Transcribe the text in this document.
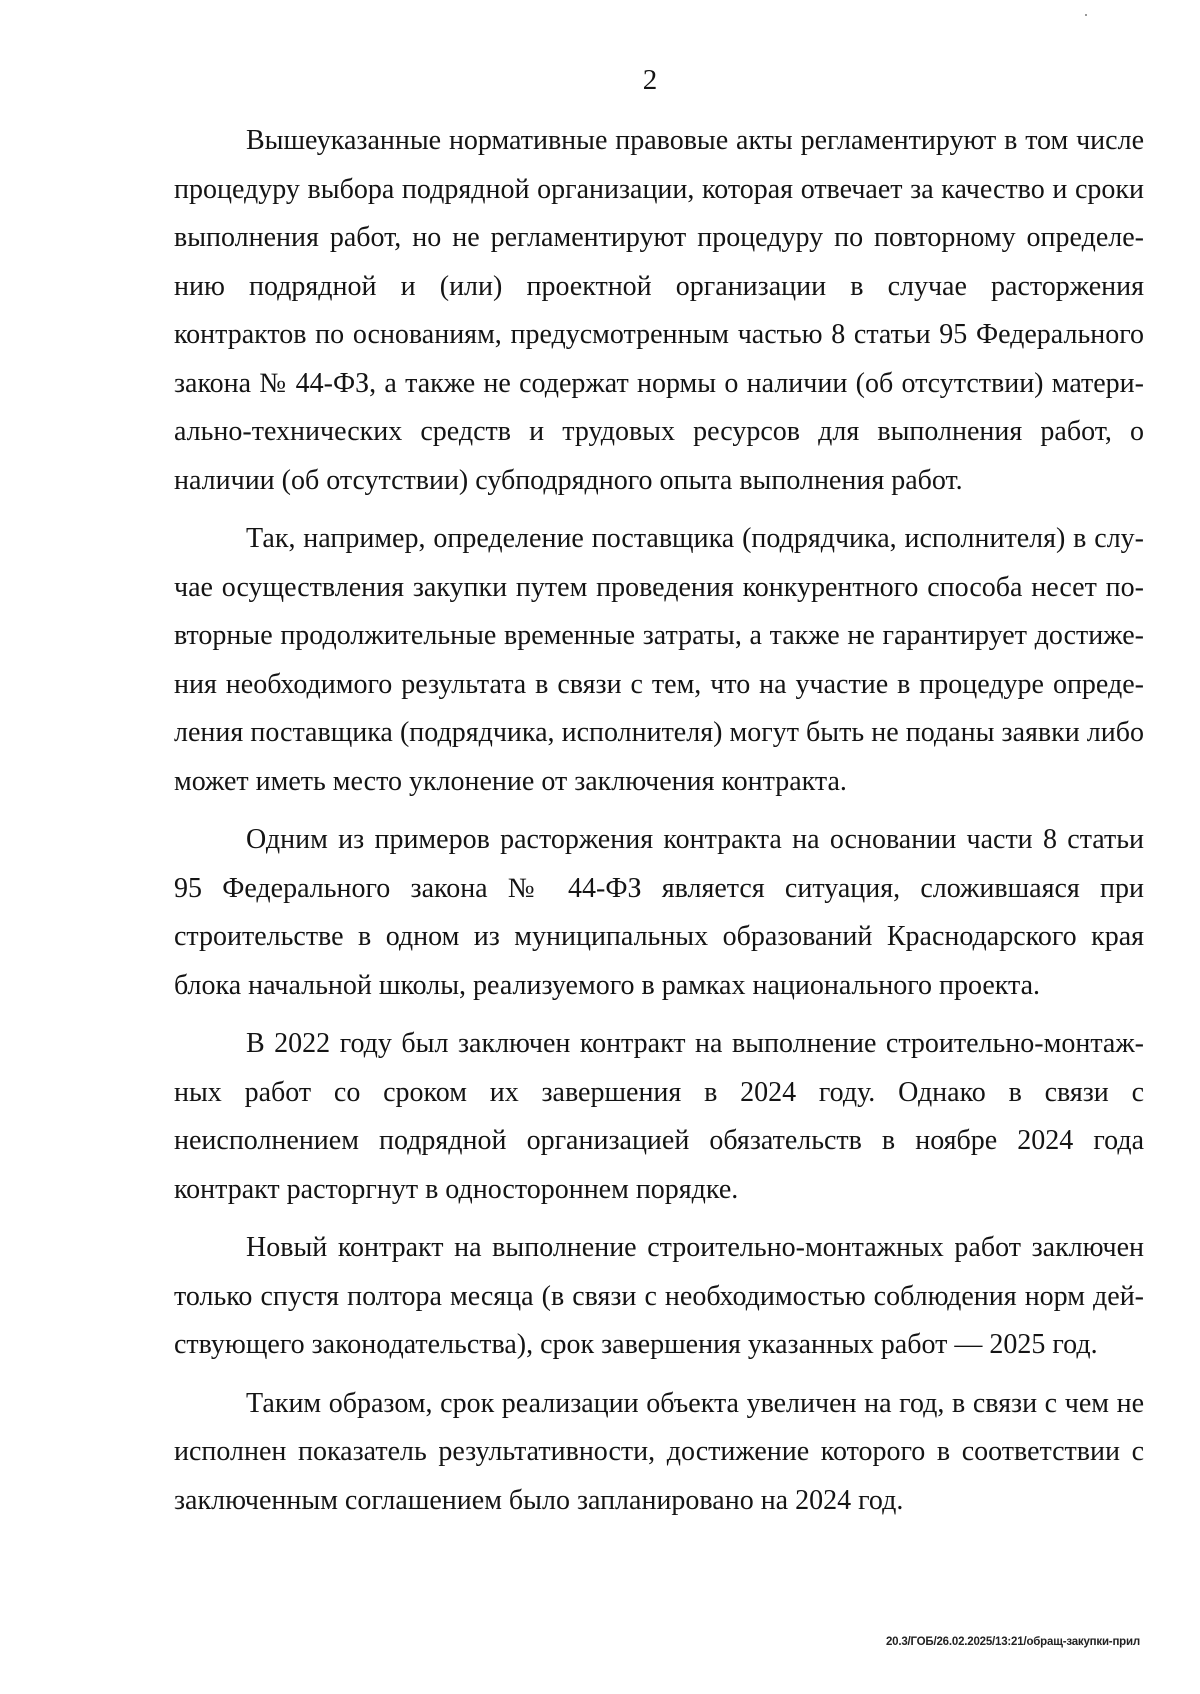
2

Вышеуказанные нормативные правовые акты регламентируют в том числе процедуру выбора подрядной организации, которая отвечает за качество и сроки выполнения работ, но не регламентируют процедуру по повторному определению подрядной и (или) проектной организации в случае расторжения контрактов по основаниям, предусмотренным частью 8 статьи 95 Федерального закона № 44-ФЗ, а также не содержат нормы о наличии (об отсутствии) материально-технических средств и трудовых ресурсов для выполнения работ, о наличии (об отсутствии) субподрядного опыта выполнения работ.

Так, например, определение поставщика (подрядчика, исполнителя) в случае осуществления закупки путем проведения конкурентного способа несет повторные продолжительные временные затраты, а также не гарантирует достижения необходимого результата в связи с тем, что на участие в процедуре определения поставщика (подрядчика, исполнителя) могут быть не поданы заявки либо может иметь место уклонение от заключения контракта.

Одним из примеров расторжения контракта на основании части 8 статьи 95 Федерального закона № 44-ФЗ является ситуация, сложившаяся при строительстве в одном из муниципальных образований Краснодарского края блока начальной школы, реализуемого в рамках национального проекта.

В 2022 году был заключен контракт на выполнение строительно-монтажных работ со сроком их завершения в 2024 году. Однако в связи с неисполнением подрядной организацией обязательств в ноябре 2024 года контракт расторгнут в одностороннем порядке.

Новый контракт на выполнение строительно-монтажных работ заключен только спустя полтора месяца (в связи с необходимостью соблюдения норм действующего законодательства), срок завершения указанных работ — 2025 год.

Таким образом, срок реализации объекта увеличен на год, в связи с чем не исполнен показатель результативности, достижение которого в соответствии с заключенным соглашением было запланировано на 2024 год.

20.3/ГОБ/26.02.2025/13:21/обращ-закупки-прил
